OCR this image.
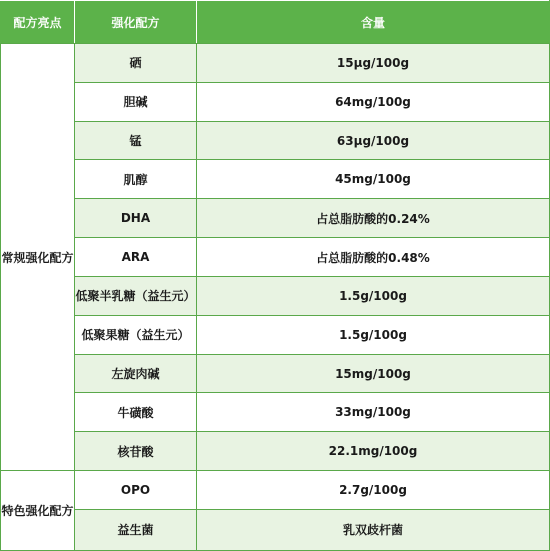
配方亮点	强化配方	含量
常规强化配方	硒	15μg/100g
	胆碱	64mg/100g
	锰	63μg/100g
	肌醇	45mg/100g
	DHA	占总脂肪酸的0.24%
	ARA	占总脂肪酸的0.48%
	低聚半乳糖（益生元）	1.5g/100g
	低聚果糖（益生元）	1.5g/100g
	左旋肉碱	15mg/100g
	牛磺酸	33mg/100g
	核苷酸	22.1mg/100g
特色强化配方	OPO	2.7g/100g
	益生菌	乳双歧杆菌
